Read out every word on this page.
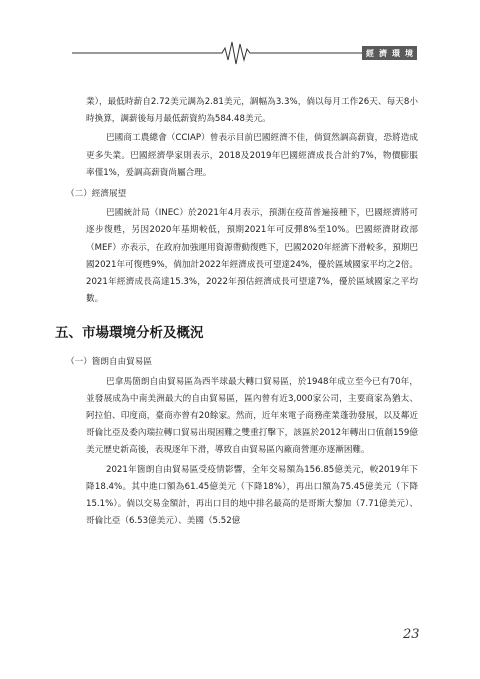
經濟環境

業），最低時薪自2.72美元調為2.81美元，調幅為3.3%，倘以每月工作26天、每天8小時換算，調薪後每月最低薪資約為584.48美元。

巴國商工農總會（CCIAP）曾表示目前巴國經濟不佳，倘貿然調高薪資，恐將造成更多失業。巴國經濟學家則表示，2018及2019年巴國經濟成長合計約7%，物價膨脹率僅1%，爰調高薪資尚屬合理。

（二）經濟展望

巴國統計局（INEC）於2021年4月表示，預測在疫苗普遍接種下，巴國經濟將可逐步復甦，另因2020年基期較低，預期2021年可反彈8%至10%。巴國經濟財政部（MEF）亦表示，在政府加強運用資源帶動復甦下，巴國2020年經濟下滑較多，預期巴國2021年可復甦9%，倘加計2022年經濟成長可望達24%，優於區域國家平均之2倍。2021年經濟成長高達15.3%，2022年預估經濟成長可望達7%，優於區域國家之平均數。

五、市場環境分析及概況

（一）箇朗自由貿易區

巴拿馬箇朗自由貿易區為西半球最大轉口貿易區，於1948年成立至今已有70年，並發展成為中南美洲最大的自由貿易區，區內曾有近3,000家公司，主要商家為猶太、阿拉伯、印度商，臺商亦曾有20餘家。然而，近年來電子商務產業蓬勃發展，以及鄰近哥倫比亞及委內瑞拉轉口貿易出現困難之雙重打擊下，該區於2012年轉出口值創159億美元歷史新高後，表現逐年下滑，導致自由貿易區內廠商營運亦逐漸困難。

2021年箇朗自由貿易區受疫情影響，全年交易額為156.85億美元，較2019年下降18.4%。其中進口額為61.45億美元（下降18%），再出口額為75.45億美元（下降15.1%）。倘以交易金額計，再出口目的地中排名最高的是哥斯大黎加（7.71億美元）、哥倫比亞（6.53億美元）、美國（5.52億

23
